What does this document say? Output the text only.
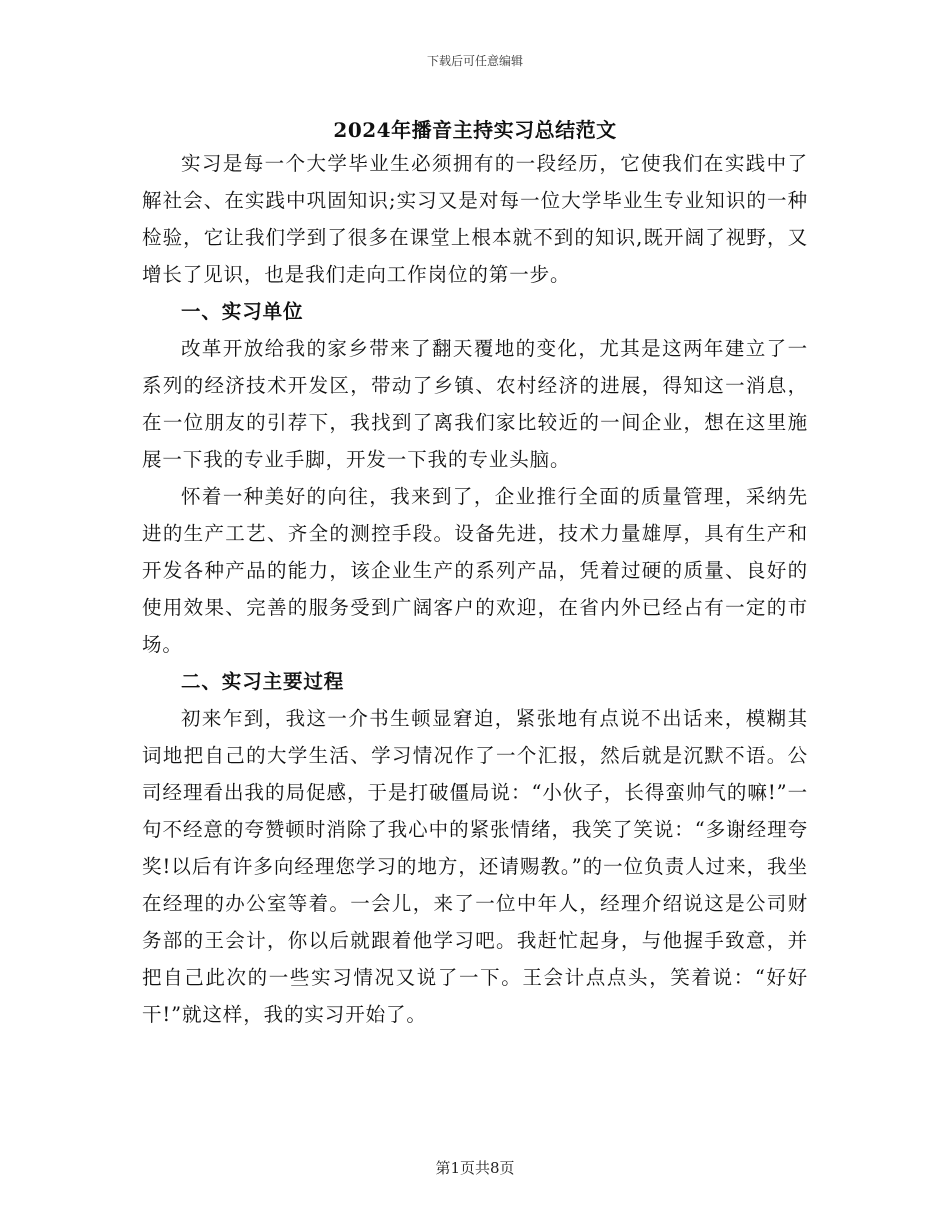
下载后可任意编辑
2024年播音主持实习总结范文

实习是每一个大学毕业生必须拥有的一段经历，它使我们在实践中了解社会、在实践中巩固知识;实习又是对每一位大学毕业生专业知识的一种检验，它让我们学到了很多在课堂上根本就不到的知识,既开阔了视野，又增长了见识，也是我们走向工作岗位的第一步。

一、实习单位

改革开放给我的家乡带来了翻天覆地的变化，尤其是这两年建立了一系列的经济技术开发区，带动了乡镇、农村经济的进展，得知这一消息，在一位朋友的引荐下，我找到了离我们家比较近的一间企业，想在这里施展一下我的专业手脚，开发一下我的专业头脑。

怀着一种美好的向往，我来到了，企业推行全面的质量管理，采纳先进的生产工艺、齐全的测控手段。设备先进，技术力量雄厚，具有生产和开发各种产品的能力，该企业生产的系列产品，凭着过硬的质量、良好的使用效果、完善的服务受到广阔客户的欢迎，在省内外已经占有一定的市场。

二、实习主要过程

初来乍到，我这一介书生顿显窘迫，紧张地有点说不出话来，模糊其词地把自己的大学生活、学习情况作了一个汇报，然后就是沉默不语。公司经理看出我的局促感，于是打破僵局说：“小伙子，长得蛮帅气的嘛!”一句不经意的夸赞顿时消除了我心中的紧张情绪，我笑了笑说：“多谢经理夸奖!以后有许多向经理您学习的地方，还请赐教。”的一位负责人过来，我坐在经理的办公室等着。一会儿，来了一位中年人，经理介绍说这是公司财务部的王会计，你以后就跟着他学习吧。我赶忙起身，与他握手致意，并把自己此次的一些实习情况又说了一下。王会计点点头，笑着说：“好好干!”就这样，我的实习开始了。

第1页共8页
